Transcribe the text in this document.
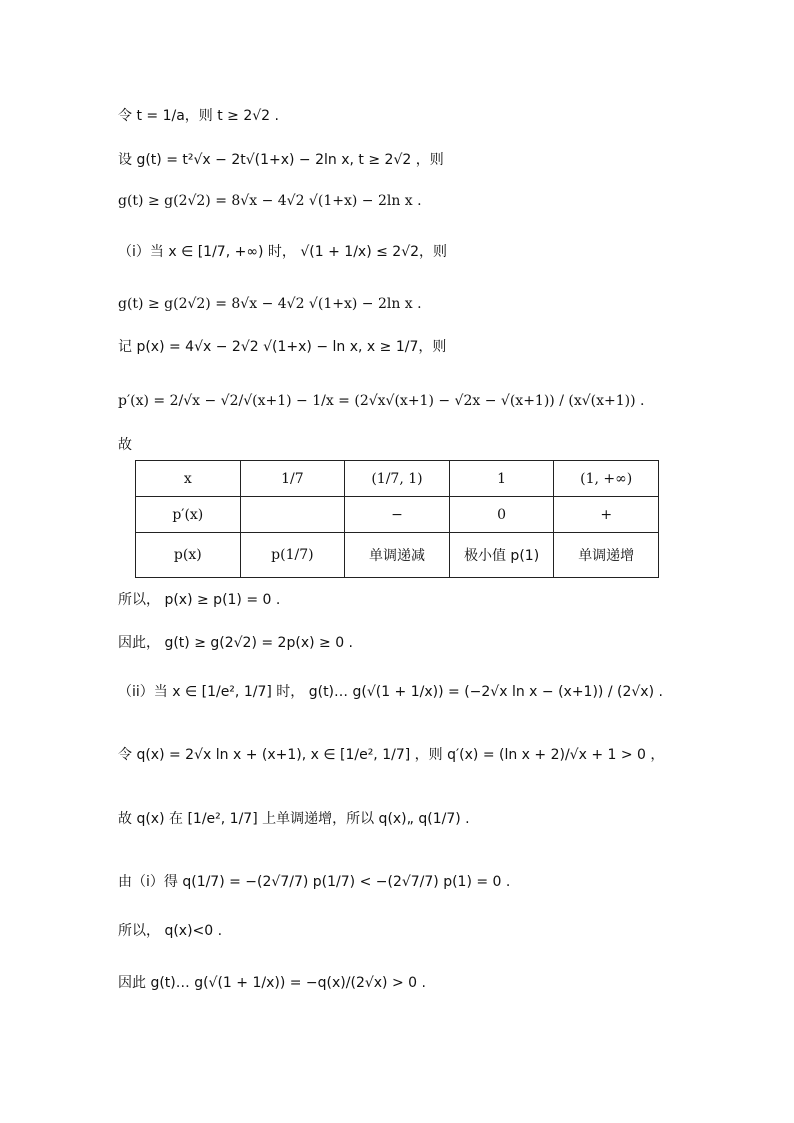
令 t = 1/a，则 t ≥ 2√2 .
设 g(t) = t²√x − 2t√(1+x) − 2ln x, t ≥ 2√2 ，则
g(t) ≥ g(2√2) = 8√x − 4√2 √(1+x) − 2ln x .
（i）当 x ∈ [1/7, +∞) 时， √(1 + 1/x) ≤ 2√2，则
g(t) ≥ g(2√2) = 8√x − 4√2 √(1+x) − 2ln x .
记 p(x) = 4√x − 2√2 √(1+x) − ln x, x ≥ 1/7，则
p′(x) = 2/√x − √2/√(x+1) − 1/x = (2√x√(x+1) − √2x − √(x+1)) / (x√(x+1)) .
故
x	1/7	(1/7, 1)	1	(1, +∞)
p′(x)		−	0	+
p(x)	p(1/7)	单调递减	极小值 p(1)	单调递增
所以， p(x) ≥ p(1) = 0 .
因此， g(t) ≥ g(2√2) = 2p(x) ≥ 0 .
（ii）当 x ∈ [1/e², 1/7] 时， g(t)… g(√(1 + 1/x)) = (−2√x ln x − (x+1)) / (2√x) .
令 q(x) = 2√x ln x + (x+1), x ∈ [1/e², 1/7] ，则 q′(x) = (ln x + 2)/√x + 1 > 0 ，
故 q(x) 在 [1/e², 1/7] 上单调递增，所以 q(x)„ q(1/7) .
由（i）得 q(1/7) = −(2√7/7) p(1/7) < −(2√7/7) p(1) = 0 .
所以， q(x)<0 .
因此 g(t)… g(√(1 + 1/x)) = −q(x)/(2√x) > 0 .
